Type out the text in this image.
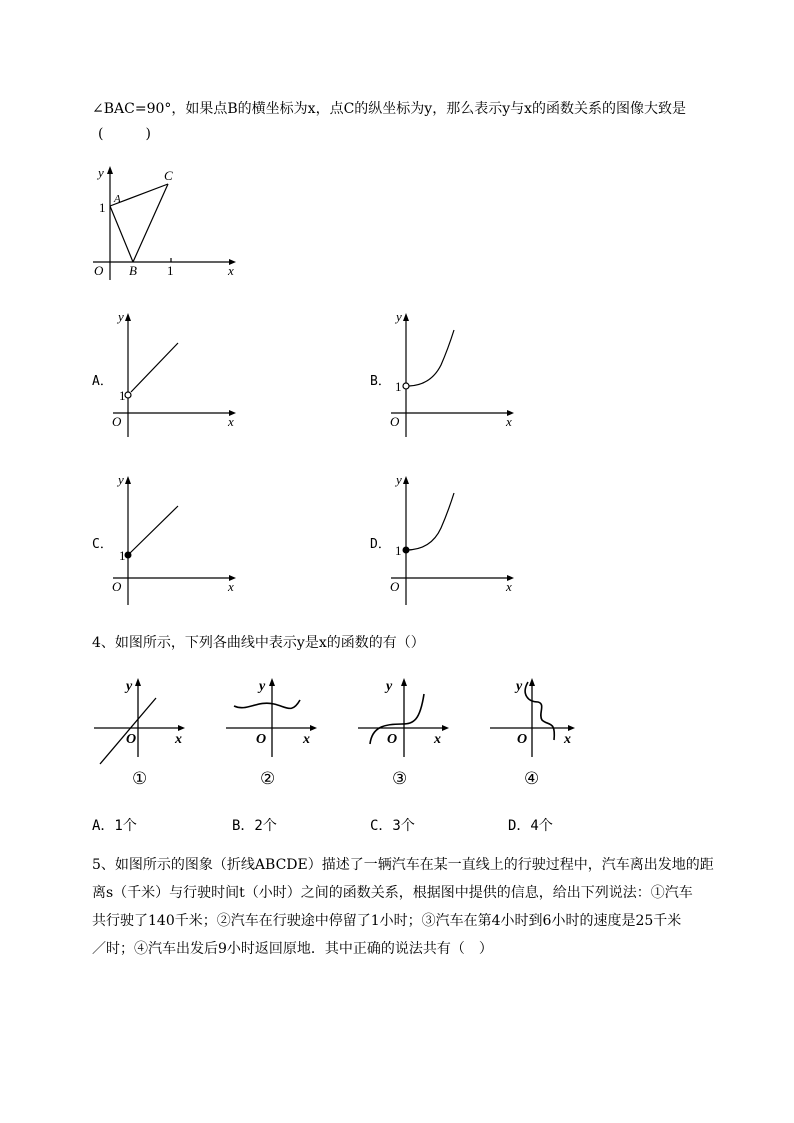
∠BAC=90°，如果点B的横坐标为x，点C的纵坐标为y，那么表示y与x的函数关系的图像大致是
(　　　)
y
x
O
A
B
C
1
1
A．
y
x
O
1
B．
y
x
O
1
C．
y
x
O
1
D．
y
x
O
1
4、如图所示，下列各曲线中表示y是x的函数的有（）
y
x
O
①
y
x
O
②
y
x
O
③
y
x
O
④
A．1个	B．2个	C．3个	D．4个
5、如图所示的图象（折线ABCDE）描述了一辆汽车在某一直线上的行驶过程中，汽车离出发地的距
离s（千米）与行驶时间t（小时）之间的函数关系，根据图中提供的信息，给出下列说法：①汽车
共行驶了140千米；②汽车在行驶途中停留了1小时；③汽车在第4小时到6小时的速度是25千米
／时；④汽车出发后9小时返回原地．其中正确的说法共有（　）
